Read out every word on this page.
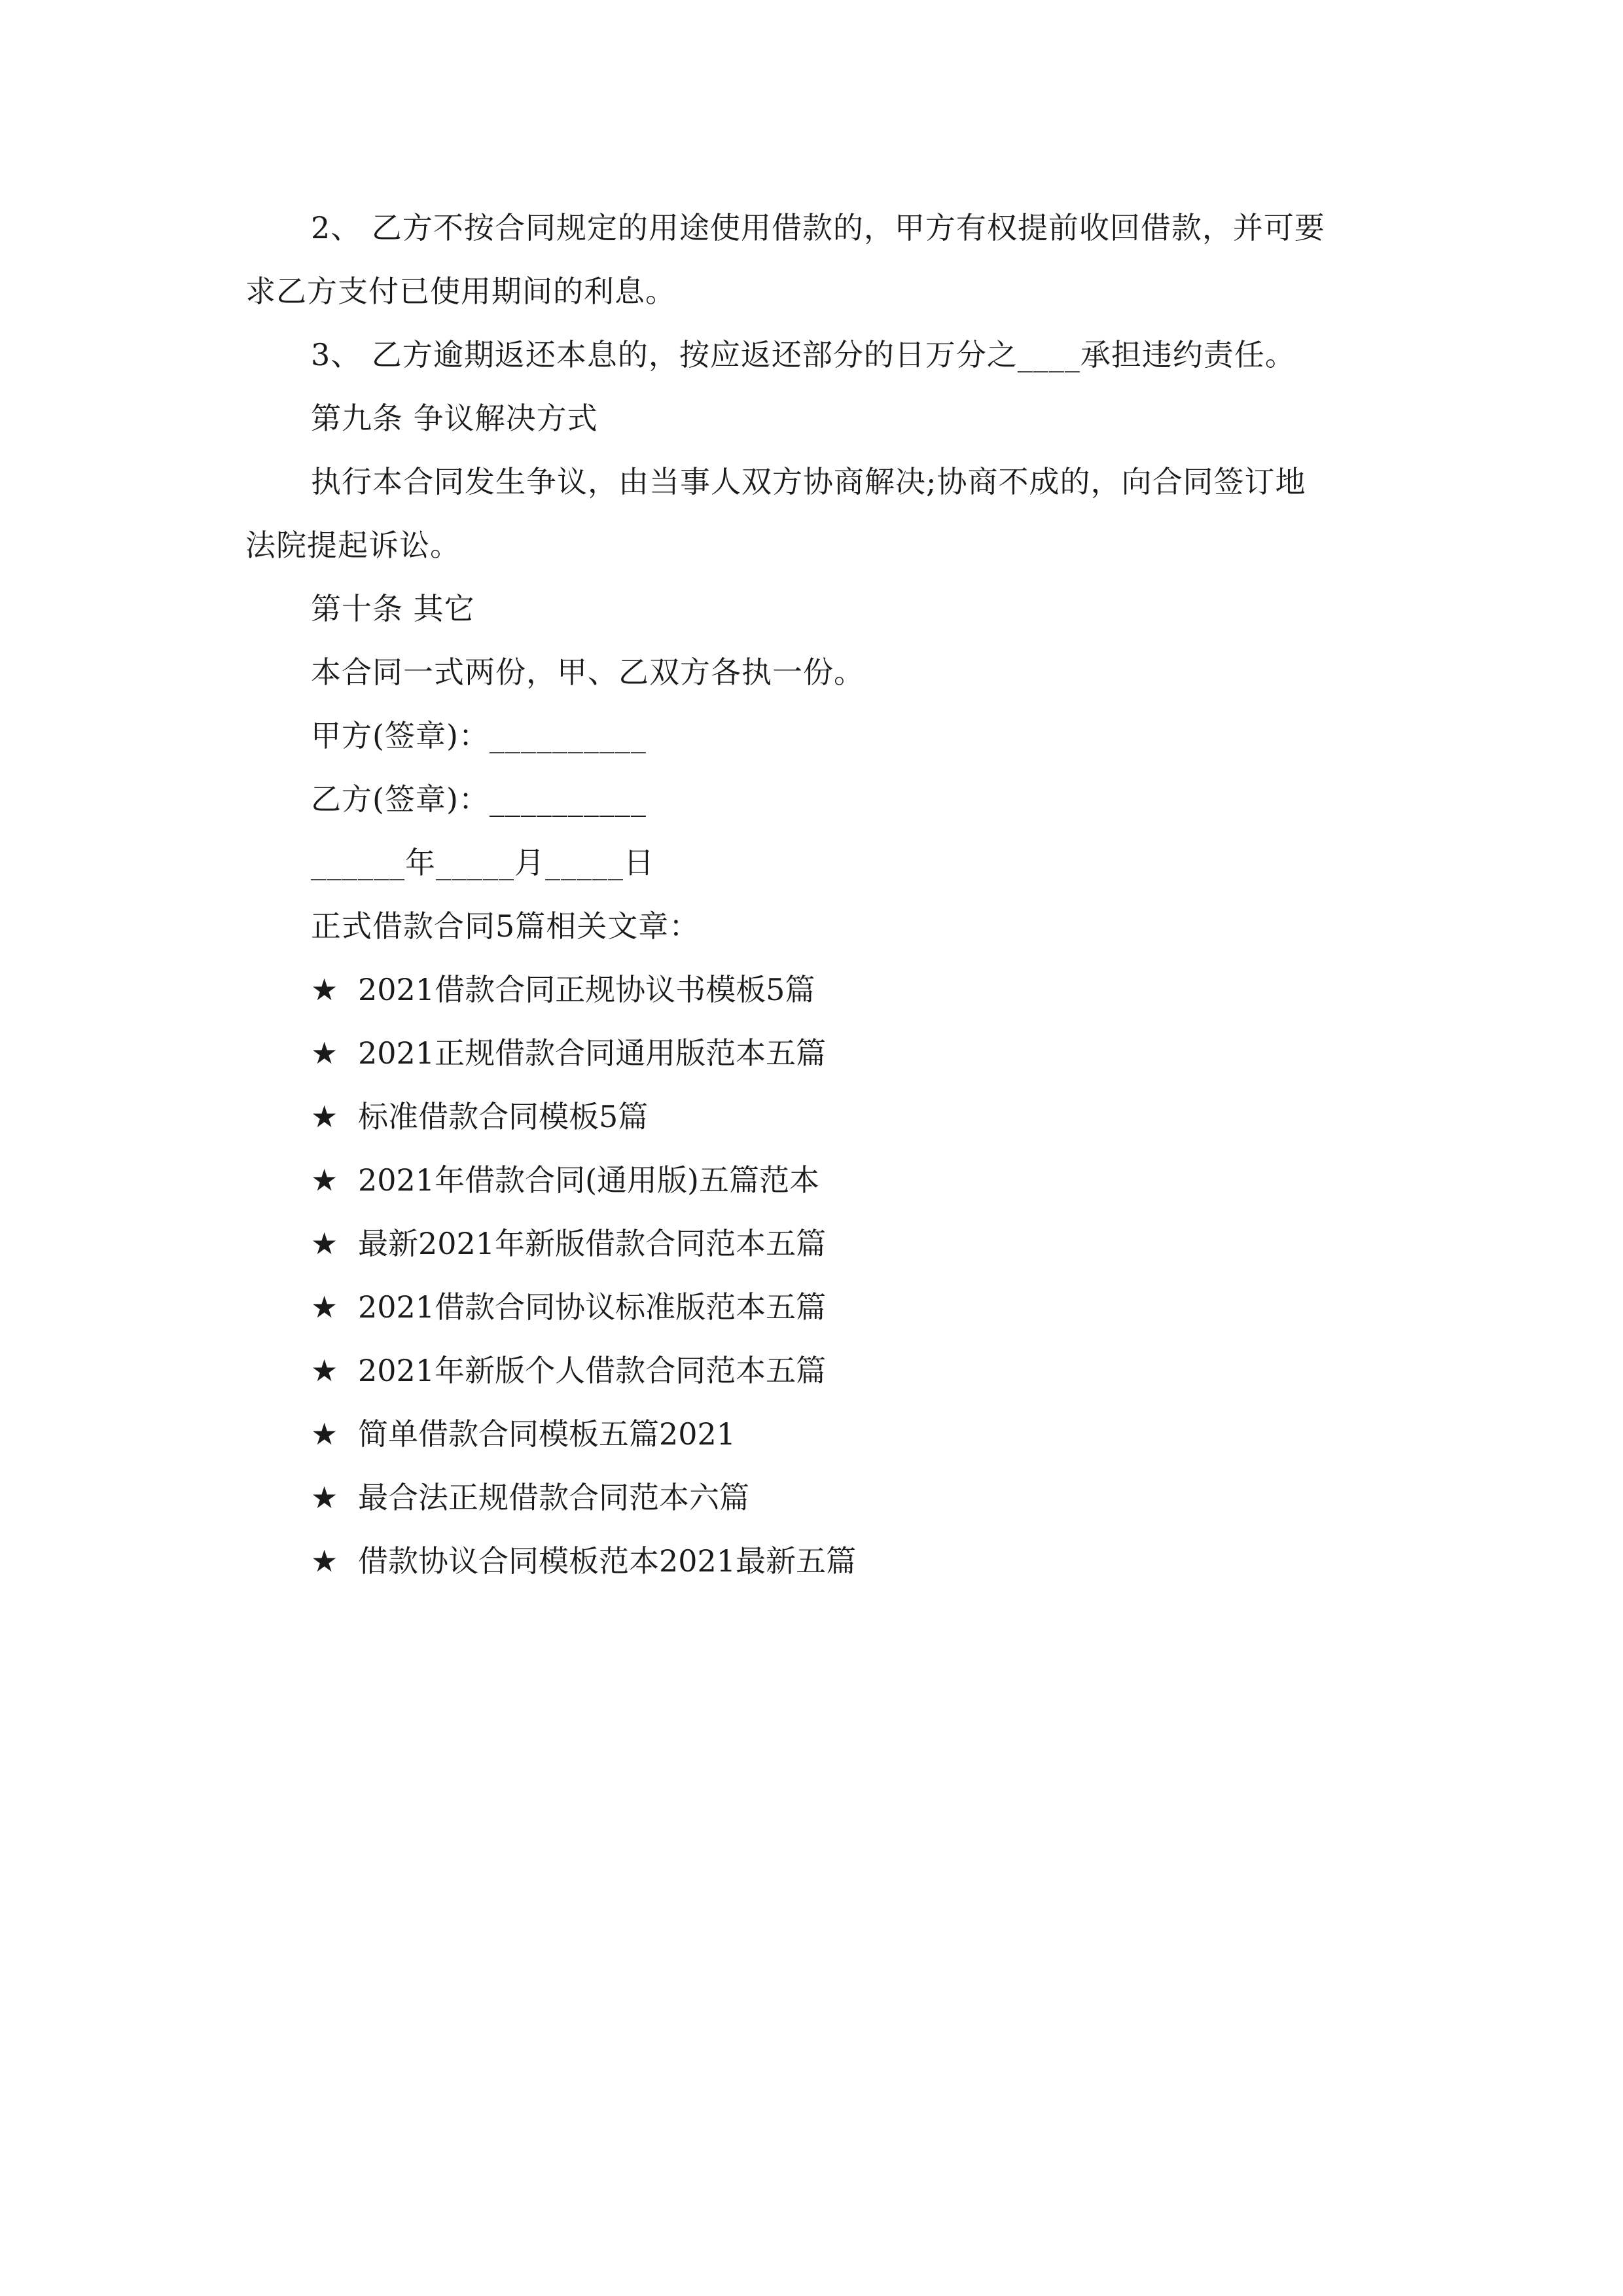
2、 乙方不按合同规定的用途使用借款的，甲方有权提前收回借款，并可要
求乙方支付已使用期间的利息。
3、 乙方逾期返还本息的，按应返还部分的日万分之____承担违约责任。
第九条 争议解决方式
执行本合同发生争议，由当事人双方协商解决;协商不成的，向合同签订地
法院提起诉讼。
第十条 其它
本合同一式两份，甲、乙双方各执一份。
甲方(签章)：__________
乙方(签章)：__________
______年_____月_____日
正式借款合同5篇相关文章：
★ 2021借款合同正规协议书模板5篇
★ 2021正规借款合同通用版范本五篇
★ 标准借款合同模板5篇
★ 2021年借款合同(通用版)五篇范本
★ 最新2021年新版借款合同范本五篇
★ 2021借款合同协议标准版范本五篇
★ 2021年新版个人借款合同范本五篇
★ 简单借款合同模板五篇2021
★ 最合法正规借款合同范本六篇
★ 借款协议合同模板范本2021最新五篇
